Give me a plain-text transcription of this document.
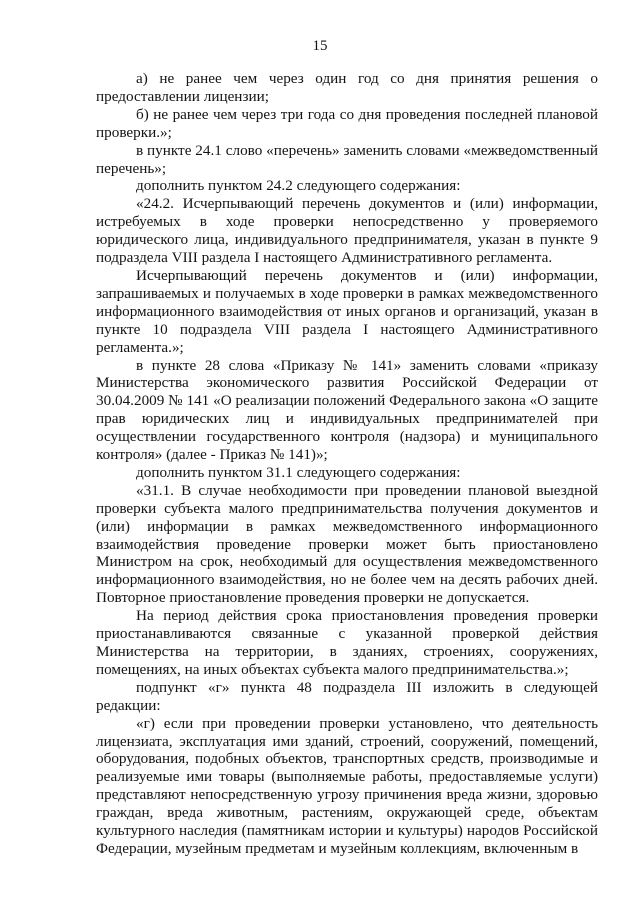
15

а) не ранее чем через один год со дня принятия решения о предоставлении лицензии;

б) не ранее чем через три года со дня проведения последней плановой проверки.»;

в пункте 24.1 слово «перечень» заменить словами «межведомственный перечень»;

дополнить пунктом 24.2 следующего содержания:

«24.2. Исчерпывающий перечень документов и (или) информации, истребуемых в ходе проверки непосредственно у проверяемого юридического лица, индивидуального предпринимателя, указан в пункте 9 подраздела VIII раздела I настоящего Административного регламента.

Исчерпывающий перечень документов и (или) информации, запрашиваемых и получаемых в ходе проверки в рамках межведомственного информационного взаимодействия от иных органов и организаций, указан в пункте 10 подраздела VIII раздела I настоящего Административного регламента.»;

в пункте 28 слова «Приказу № 141» заменить словами «приказу Министерства экономического развития Российской Федерации от 30.04.2009 № 141 «О реализации положений Федерального закона «О защите прав юридических лиц и индивидуальных предпринимателей при осуществлении государственного контроля (надзора) и муниципального контроля» (далее - Приказ № 141)»;

дополнить пунктом 31.1 следующего содержания:

«31.1. В случае необходимости при проведении плановой выездной проверки субъекта малого предпринимательства получения документов и (или) информации в рамках межведомственного информационного взаимодействия проведение проверки может быть приостановлено Министром на срок, необходимый для осуществления межведомственного информационного взаимодействия, но не более чем на десять рабочих дней. Повторное приостановление проведения проверки не допускается.

На период действия срока приостановления проведения проверки приостанавливаются связанные с указанной проверкой действия Министерства на территории, в зданиях, строениях, сооружениях, помещениях, на иных объектах субъекта малого предпринимательства.»;

подпункт «г» пункта 48 подраздела III изложить в следующей редакции:

«г) если при проведении проверки установлено, что деятельность лицензиата, эксплуатация ими зданий, строений, сооружений, помещений, оборудования, подобных объектов, транспортных средств, производимые и реализуемые ими товары (выполняемые работы, предоставляемые услуги) представляют непосредственную угрозу причинения вреда жизни, здоровью граждан, вреда животным, растениям, окружающей среде, объектам культурного наследия (памятникам истории и культуры) народов Российской Федерации, музейным предметам и музейным коллекциям, включенным в
